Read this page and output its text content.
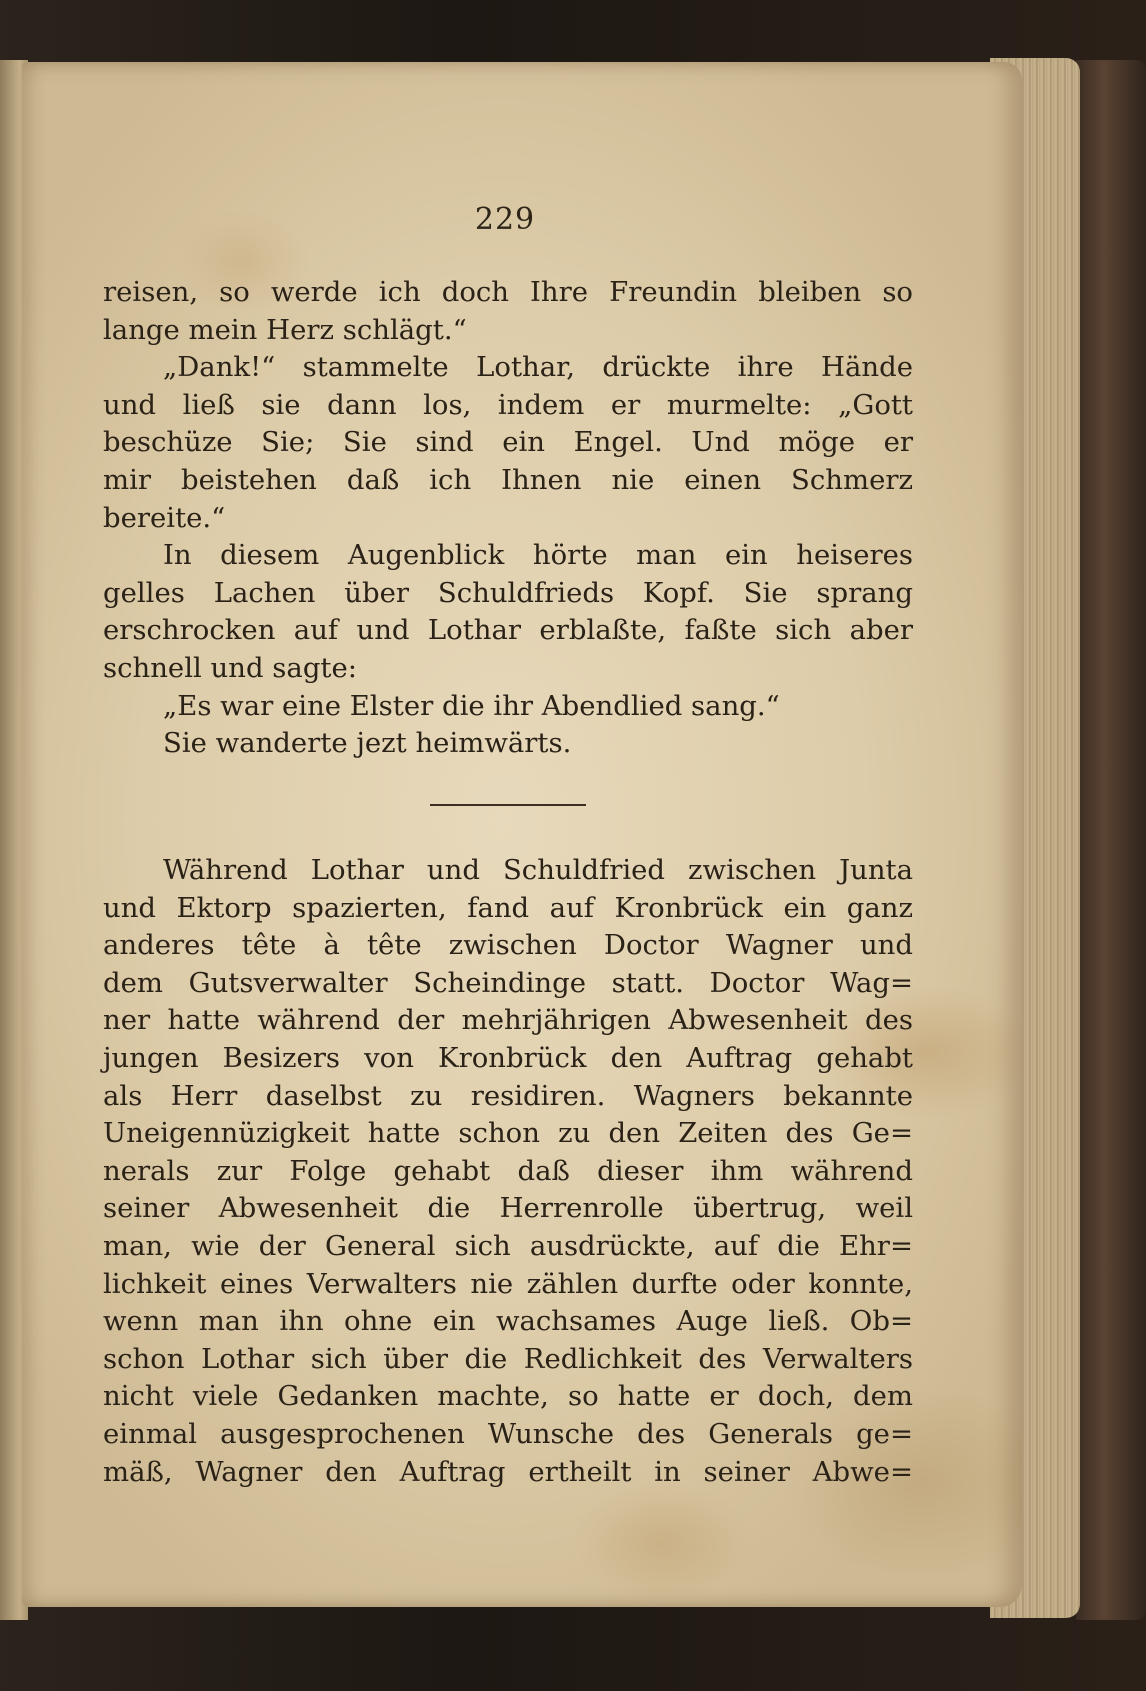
229
reisen, so werde ich doch Ihre Freundin bleiben so
lange mein Herz schlägt.“
„Dank!“ stammelte Lothar, drückte ihre Hände
und ließ sie dann los, indem er murmelte: „Gott
beschüze Sie; Sie sind ein Engel. Und möge er
mir beistehen daß ich Ihnen nie einen Schmerz
bereite.“
In diesem Augenblick hörte man ein heiseres
gelles Lachen über Schuldfrieds Kopf. Sie sprang
erschrocken auf und Lothar erblaßte, faßte sich aber
schnell und sagte:
„Es war eine Elster die ihr Abendlied sang.“
Sie wanderte jezt heimwärts.
Während Lothar und Schuldfried zwischen Junta
und Ektorp spazierten, fand auf Kronbrück ein ganz
anderes tête à tête zwischen Doctor Wagner und
dem Gutsverwalter Scheindinge statt. Doctor Wag=
ner hatte während der mehrjährigen Abwesenheit des
jungen Besizers von Kronbrück den Auftrag gehabt
als Herr daselbst zu residiren. Wagners bekannte
Uneigennüzigkeit hatte schon zu den Zeiten des Ge=
nerals zur Folge gehabt daß dieser ihm während
seiner Abwesenheit die Herrenrolle übertrug, weil
man, wie der General sich ausdrückte, auf die Ehr=
lichkeit eines Verwalters nie zählen durfte oder konnte,
wenn man ihn ohne ein wachsames Auge ließ. Ob=
schon Lothar sich über die Redlichkeit des Verwalters
nicht viele Gedanken machte, so hatte er doch, dem
einmal ausgesprochenen Wunsche des Generals ge=
mäß, Wagner den Auftrag ertheilt in seiner Abwe=
